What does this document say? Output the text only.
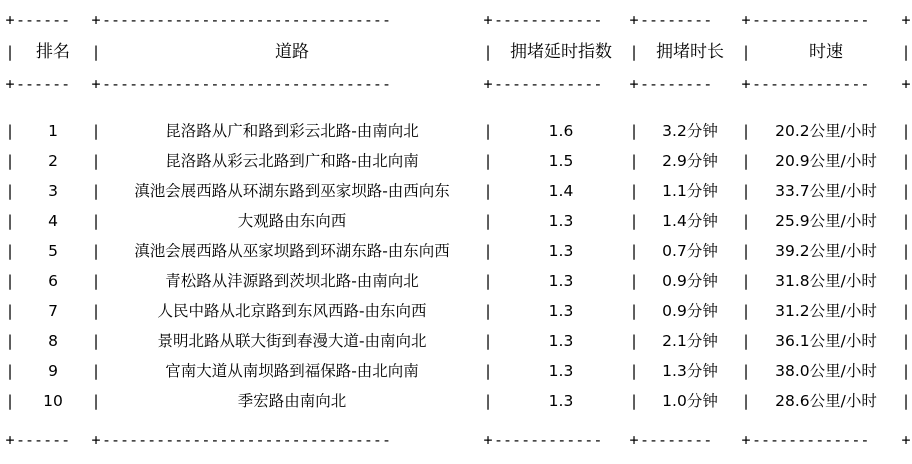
+	------	+	--------------------------------	+	------------	+	--------	+	-------------	+
|	排名	|	道路	|	拥堵延时指数	|	拥堵时长	|	时速	|
+	------	+	--------------------------------	+	------------	+	--------	+	-------------	+

|	1	|	昆洛路从广和路到彩云北路-由南向北	|	1.6	|	3.2分钟	|	20.2公里/小时	|
|	2	|	昆洛路从彩云北路到广和路-由北向南	|	1.5	|	2.9分钟	|	20.9公里/小时	|
|	3	|	滇池会展西路从环湖东路到巫家坝路-由西向东	|	1.4	|	1.1分钟	|	33.7公里/小时	|
|	4	|	大观路由东向西	|	1.3	|	1.4分钟	|	25.9公里/小时	|
|	5	|	滇池会展西路从巫家坝路到环湖东路-由东向西	|	1.3	|	0.7分钟	|	39.2公里/小时	|
|	6	|	青松路从沣源路到茨坝北路-由南向北	|	1.3	|	0.9分钟	|	31.8公里/小时	|
|	7	|	人民中路从北京路到东风西路-由东向西	|	1.3	|	0.9分钟	|	31.2公里/小时	|
|	8	|	景明北路从联大街到春漫大道-由南向北	|	1.3	|	2.1分钟	|	36.1公里/小时	|
|	9	|	官南大道从南坝路到福保路-由北向南	|	1.3	|	1.3分钟	|	38.0公里/小时	|
|	10	|	季宏路由南向北	|	1.3	|	1.0分钟	|	28.6公里/小时	|

+	------	+	--------------------------------	+	------------	+	--------	+	-------------	+
